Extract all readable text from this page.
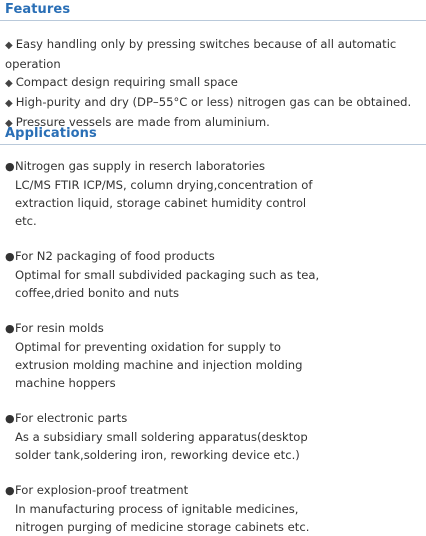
Features

◆ Easy handling only by pressing switches because of all automatic operation

◆ Compact design requiring small space

◆ High-purity and dry (DP–55°C or less) nitrogen gas can be obtained.

◆ Pressure vessels are made from aluminium.

Applications

●Nitrogen gas supply in reserch laboratories

LC/MS FTIR ICP/MS, column drying,concentration of

extraction liquid, storage cabinet humidity control

etc.

●For N2 packaging of food products

Optimal for small subdivided packaging such as tea,

coffee,dried bonito and nuts

●For resin molds

Optimal for preventing oxidation for supply to

extrusion molding machine and injection molding

machine hoppers

●For electronic parts

As a subsidiary small soldering apparatus(desktop

solder tank,soldering iron, reworking device etc.)

●For explosion-proof treatment

In manufacturing process of ignitable medicines,

nitrogen purging of medicine storage cabinets etc.
